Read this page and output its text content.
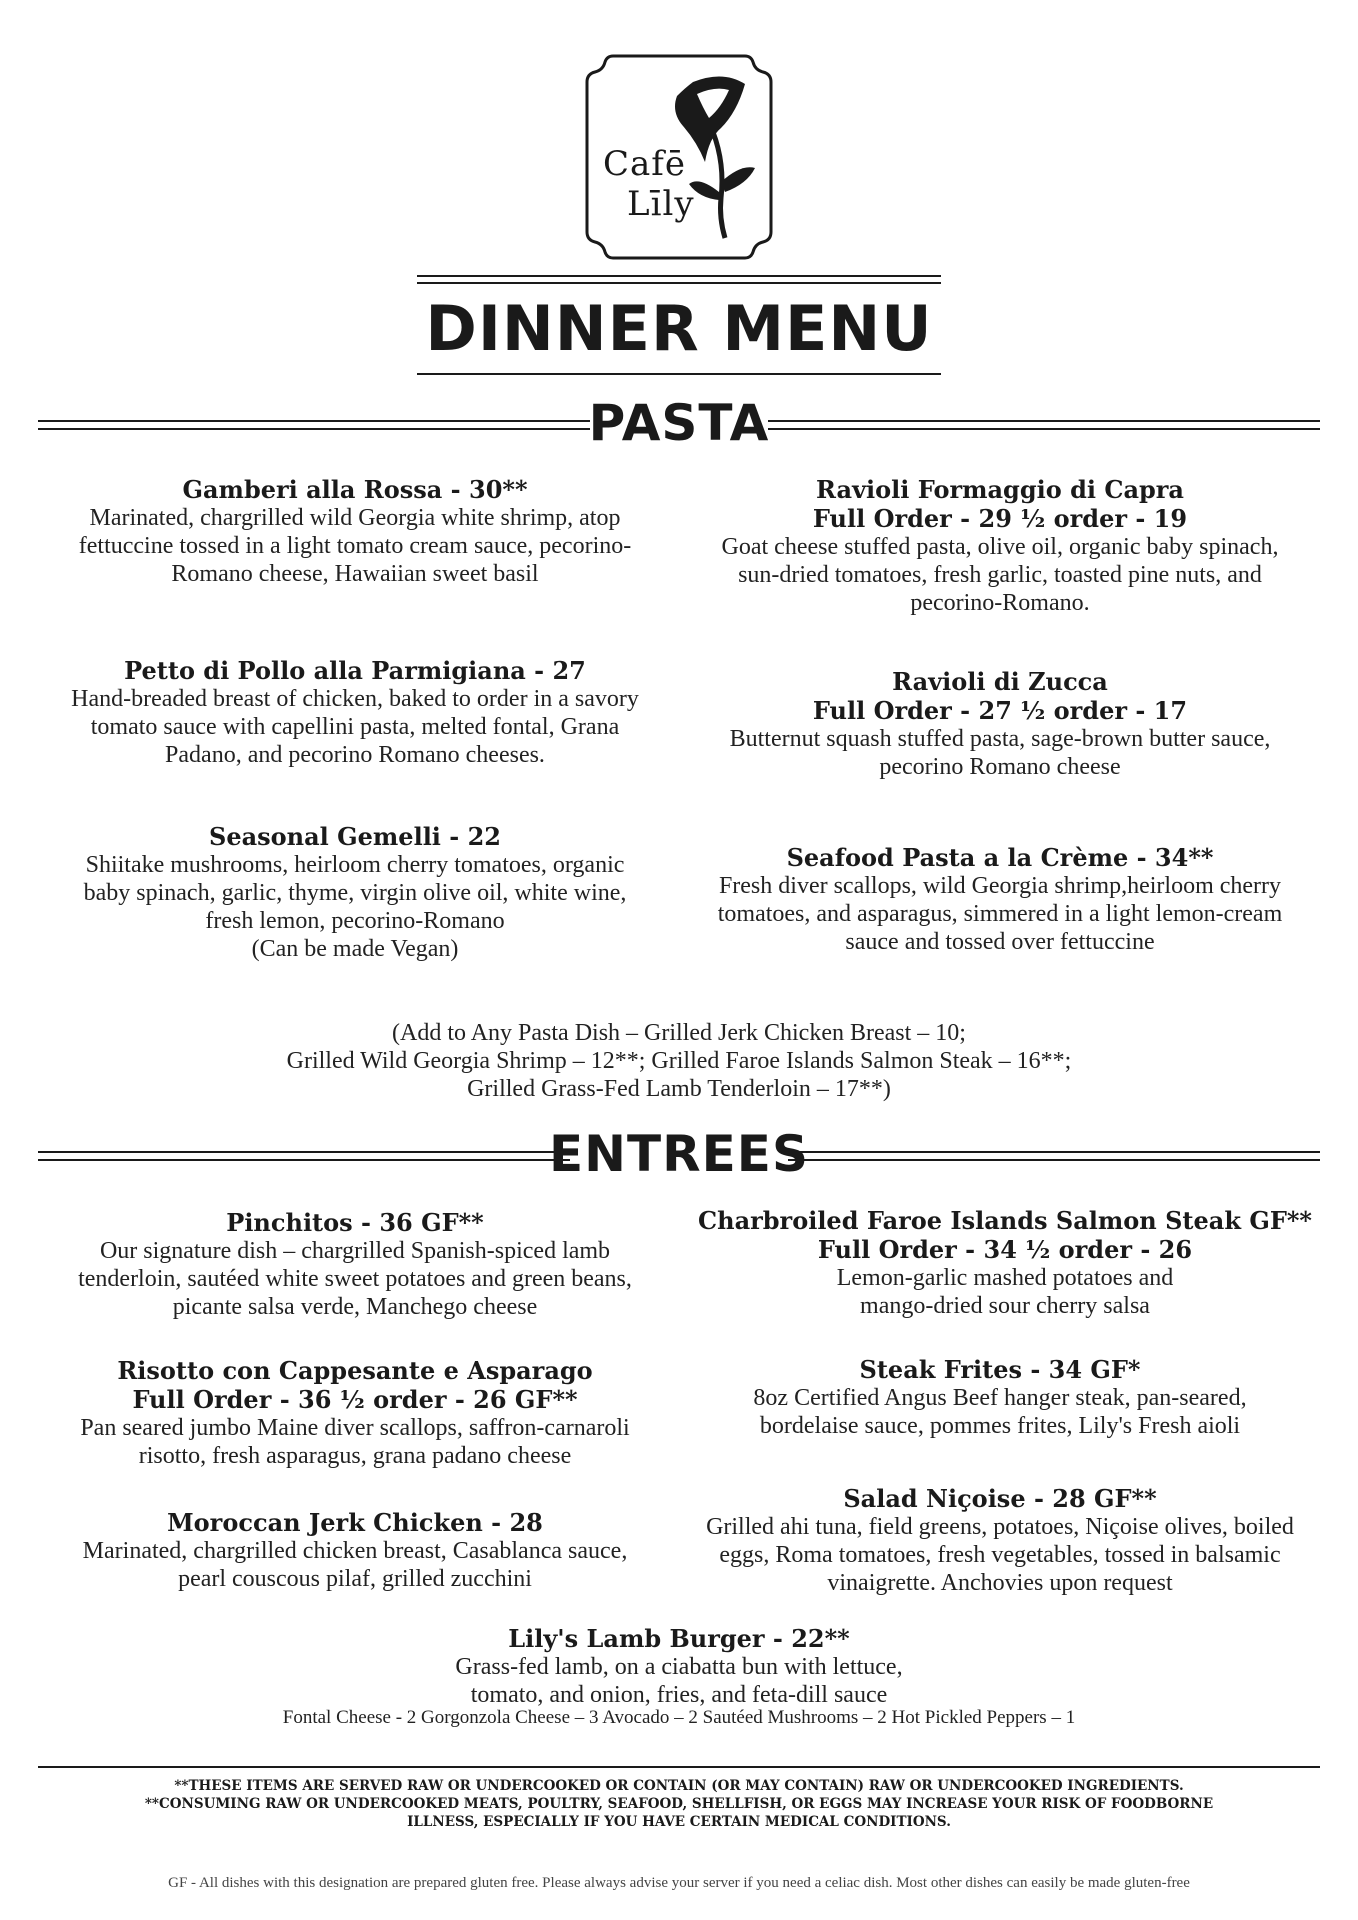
Cafē
Līly
DINNER MENU
PASTA
Gamberi alla Rossa - 30**
Marinated, chargrilled wild Georgia white shrimp, atop fettuccine tossed in a light tomato cream sauce, pecorino-Romano cheese, Hawaiian sweet basil
Petto di Pollo alla Parmigiana - 27
Hand-breaded breast of chicken, baked to order in a savory tomato sauce with capellini pasta, melted fontal, Grana Padano, and pecorino Romano cheeses.
Seasonal Gemelli - 22
Shiitake mushrooms, heirloom cherry tomatoes, organic baby spinach, garlic, thyme, virgin olive oil, white wine, fresh lemon, pecorino-Romano
(Can be made Vegan)
Ravioli Formaggio di Capra
Full Order - 29 ½ order - 19
Goat cheese stuffed pasta, olive oil, organic baby spinach, sun-dried tomatoes, fresh garlic, toasted pine nuts, and pecorino-Romano.
Ravioli di Zucca
Full Order - 27 ½ order - 17
Butternut squash stuffed pasta, sage-brown butter sauce, pecorino Romano cheese
Seafood Pasta a la Crème - 34**
Fresh diver scallops, wild Georgia shrimp,heirloom cherry tomatoes, and asparagus, simmered in a light lemon-cream sauce and tossed over fettuccine
(Add to Any Pasta Dish – Grilled Jerk Chicken Breast – 10;
Grilled Wild Georgia Shrimp – 12**; Grilled Faroe Islands Salmon Steak – 16**;
Grilled Grass-Fed Lamb Tenderloin – 17**)
ENTREES
Pinchitos - 36 GF**
Our signature dish – chargrilled Spanish-spiced lamb tenderloin, sautéed white sweet potatoes and green beans, picante salsa verde, Manchego cheese
Risotto con Cappesante e Asparago
Full Order - 36 ½ order - 26 GF**
Pan seared jumbo Maine diver scallops, saffron-carnaroli risotto, fresh asparagus, grana padano cheese
Moroccan Jerk Chicken - 28
Marinated, chargrilled chicken breast, Casablanca sauce, pearl couscous pilaf, grilled zucchini
Charbroiled Faroe Islands Salmon Steak GF**
Full Order - 34 ½ order - 26
Lemon-garlic mashed potatoes and mango-dried sour cherry salsa
Steak Frites - 34 GF*
8oz Certified Angus Beef hanger steak, pan-seared, bordelaise sauce, pommes frites, Lily's Fresh aioli
Salad Niçoise - 28 GF**
Grilled ahi tuna, field greens, potatoes, Niçoise olives, boiled eggs, Roma tomatoes, fresh vegetables, tossed in balsamic vinaigrette. Anchovies upon request
Lily's Lamb Burger - 22**
Grass-fed lamb, on a ciabatta bun with lettuce, tomato, and onion, fries, and feta-dill sauce
Fontal Cheese - 2 Gorgonzola Cheese – 3 Avocado – 2 Sautéed Mushrooms – 2 Hot Pickled Peppers – 1
**THESE ITEMS ARE SERVED RAW OR UNDERCOOKED OR CONTAIN (OR MAY CONTAIN) RAW OR UNDERCOOKED INGREDIENTS.
**CONSUMING RAW OR UNDERCOOKED MEATS, POULTRY, SEAFOOD, SHELLFISH, OR EGGS MAY INCREASE YOUR RISK OF FOODBORNE
ILLNESS, ESPECIALLY IF YOU HAVE CERTAIN MEDICAL CONDITIONS.
GF - All dishes with this designation are prepared gluten free. Please always advise your server if you need a celiac dish. Most other dishes can easily be made gluten-free
